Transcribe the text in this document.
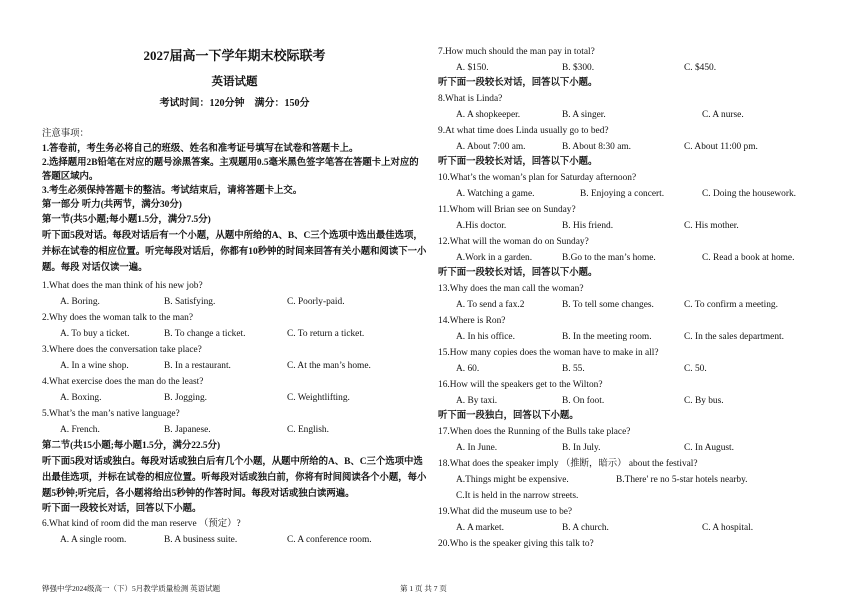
2027届高一下学年期末校际联考
英语试题
考试时间：120分钟    满分：150分
注意事项：
1.答卷前，考生务必将自己的班级、姓名和准考证号填写在试卷和答题卡上。
2.选择题用2B铅笔在对应的题号涂黑答案。主观题用0.5毫米黑色签字笔答在答题卡上对应的
答题区域内。
3.考生必须保持答题卡的整洁。考试结束后，请将答题卡上交。
第一部分 听力(共两节，满分30分)
第一节(共5小题;每小题1.5分，满分7.5分)
听下面5段对话。每段对话后有一个小题，从题中所给的A、B、C三个选项中选出最佳选项，
并标在试卷的相应位置。听完每段对话后，你都有10秒钟的时间来回答有关小题和阅读下一小
题。每段 对话仅读一遍。
1.What does the man think of his new job?
A. Boring.	B. Satisfying.	C. Poorly-paid.
2.Why does the woman talk to the man?
A. To buy a ticket.	B. To change a ticket.	C. To return a ticket.
3.Where does the conversation take place?
A. In a wine shop.	B. In a restaurant.	C. At the man’s home.
4.What exercise does the man do the least?
A. Boxing.	B. Jogging.	C. Weightlifting.
5.What’s the man’s native language?
A. French.	B. Japanese.	C. English.
第二节(共15小题;每小题1.5分，满分22.5分)
听下面5段对话或独白。每段对话或独白后有几个小题，从题中所给的A、B、C三个选项中选
出最佳选项，并标在试卷的相应位置。听每段对话或独白前，你将有时间阅读各个小题，每小
题5秒钟;听完后，各小题将给出5秒钟的作答时间。每段对话或独白读两遍。
听下面一段较长对话，回答以下小题。
6.What kind of room did the man reserve （预定）?
A. A single room.	B. A business suite.	C. A conference room.
7.How much should the man pay in total?
A. $150.	B. $300.	C. $450.
听下面一段较长对话，回答以下小题。
8.What is Linda?
A. A shopkeeper.	B. A singer.	C. A nurse.
9.At what time does Linda usually go to bed?
A. About 7:00 am.	B. About 8:30 am.	C. About 11:00 pm.
听下面一段较长对话，回答以下小题。
10.What’s the woman’s plan for Saturday afternoon?
A. Watching a game.	B. Enjoying a concert.	C. Doing the housework.
11.Whom will Brian see on Sunday?
A.His doctor.	B. His friend.	C. His mother.
12.What will the woman do on Sunday?
A.Work in a garden.	B.Go to the man’s home.	C. Read a book at home.
听下面一段较长对话，回答以下小题。
13.Why does the man call the woman?
A. To send a fax.2	B. To tell some changes.	C. To confirm a meeting.
14.Where is Ron?
A. In his office.	B. In the meeting room.	C. In the sales department.
15.How many copies does the woman have to make in all?
A. 60.	B. 55.	C. 50.
16.How will the speakers get to the Wilton?
A. By taxi.	B. On foot.	C. By bus.
听下面一段独白，回答以下小题。
17.When does the Running of the Bulls take place?
A. In June.	B. In July.	C. In August.
18.What does the speaker imply （推断，暗示） about the festival?
A.Things might be expensive.	B.There' re no 5-star hotels nearby.
C.It is held in the narrow streets.
19.What did the museum use to be?
A. A market.	B. A church.	C. A hospital.
20.Who is the speaker giving this talk to?
铧强中学2024级高一（下）5月教学质量检测 英语试题	第 1 页 共 7 页
